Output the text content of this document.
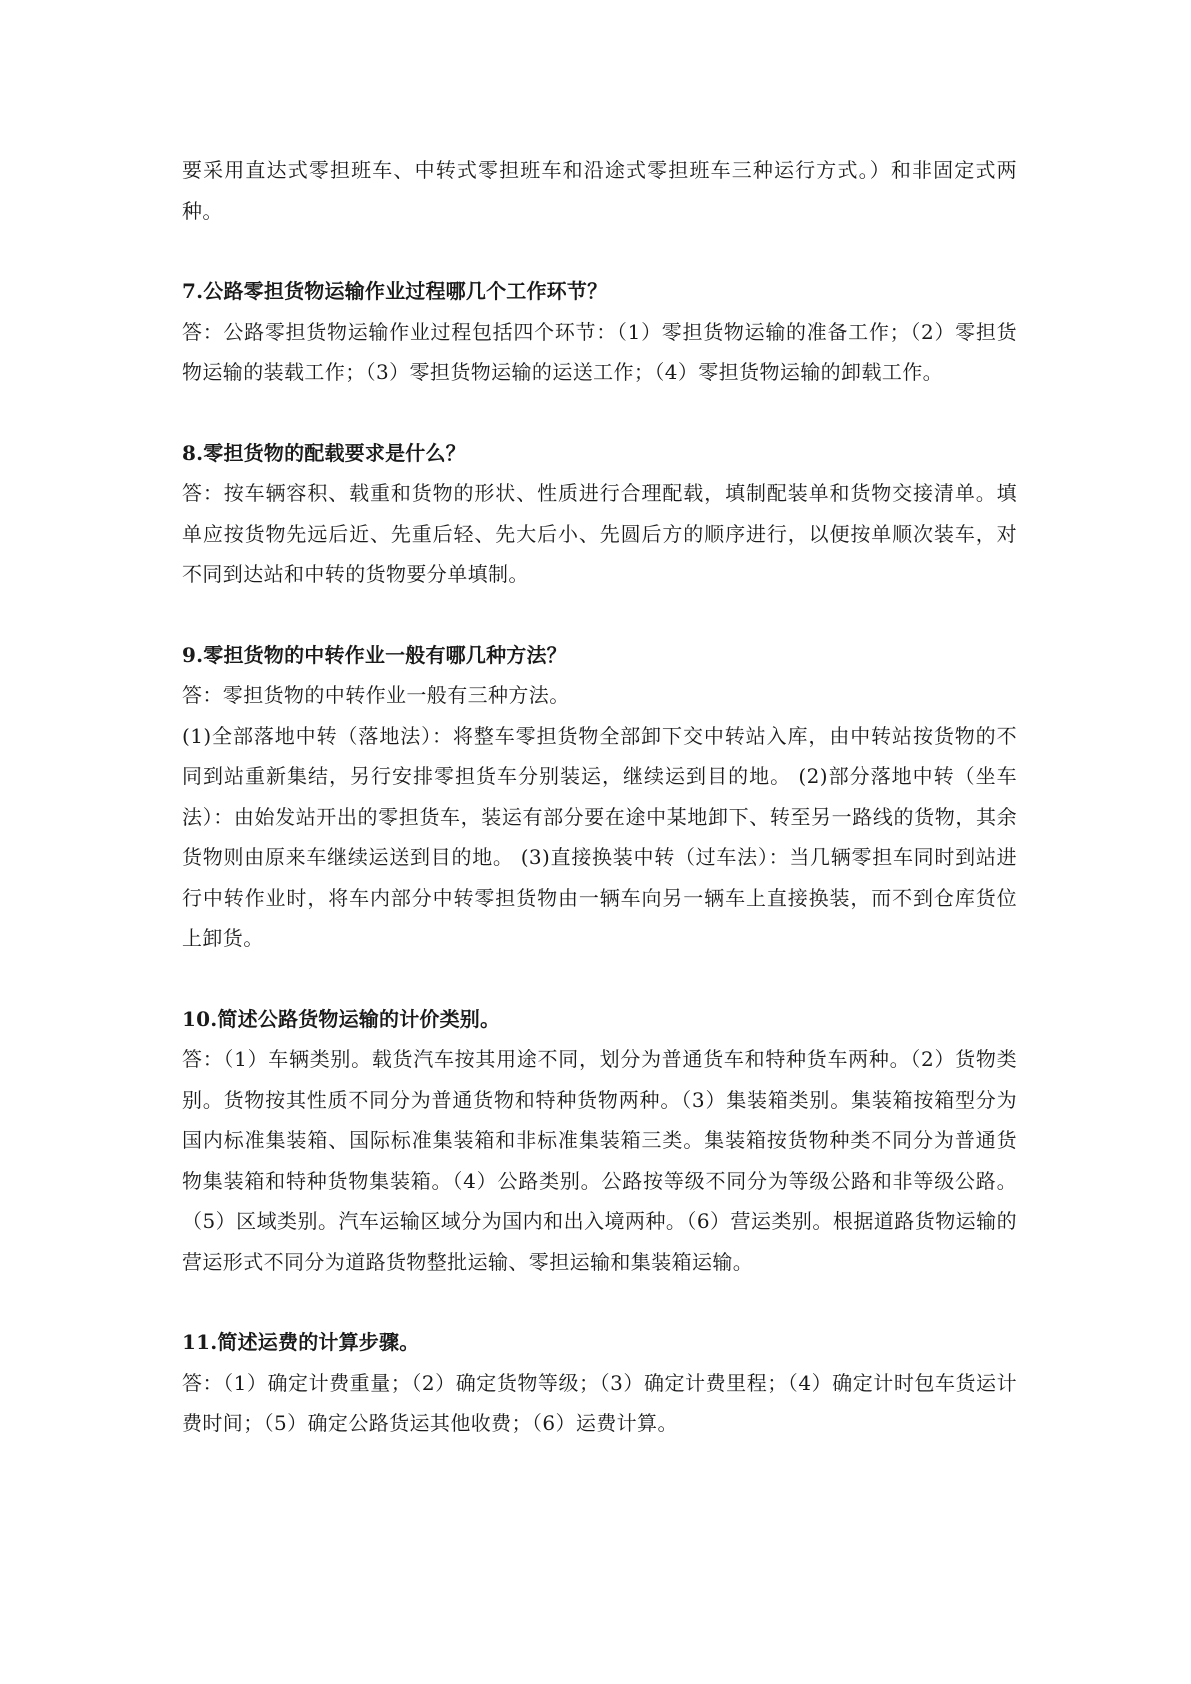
要采用直达式零担班车、中转式零担班车和沿途式零担班车三种运行方式。）和非固定式两种。

7.公路零担货物运输作业过程哪几个工作环节？

答：公路零担货物运输作业过程包括四个环节：（1）零担货物运输的准备工作；（2）零担货物运输的装载工作；（3）零担货物运输的运送工作；（4）零担货物运输的卸载工作。

8.零担货物的配载要求是什么？

答：按车辆容积、载重和货物的形状、性质进行合理配载，填制配装单和货物交接清单。填单应按货物先远后近、先重后轻、先大后小、先圆后方的顺序进行，以便按单顺次装车，对不同到达站和中转的货物要分单填制。

9.零担货物的中转作业一般有哪几种方法？

答：零担货物的中转作业一般有三种方法。

(1)全部落地中转（落地法）：将整车零担货物全部卸下交中转站入库，由中转站按货物的不同到站重新集结，另行安排零担货车分别装运，继续运到目的地。 (2)部分落地中转（坐车法）：由始发站开出的零担货车，装运有部分要在途中某地卸下、转至另一路线的货物，其余货物则由原来车继续运送到目的地。 (3)直接换装中转（过车法）：当几辆零担车同时到站进行中转作业时，将车内部分中转零担货物由一辆车向另一辆车上直接换装，而不到仓库货位上卸货。

10.简述公路货物运输的计价类别。

答：（1）车辆类别。载货汽车按其用途不同，划分为普通货车和特种货车两种。（2）货物类别。货物按其性质不同分为普通货物和特种货物两种。（3）集装箱类别。集装箱按箱型分为国内标准集装箱、国际标准集装箱和非标准集装箱三类。集装箱按货物种类不同分为普通货物集装箱和特种货物集装箱。（4）公路类别。公路按等级不同分为等级公路和非等级公路。（5）区域类别。汽车运输区域分为国内和出入境两种。（6）营运类别。根据道路货物运输的营运形式不同分为道路货物整批运输、零担运输和集装箱运输。

11.简述运费的计算步骤。

答：（1）确定计费重量；（2）确定货物等级；（3）确定计费里程；（4）确定计时包车货运计费时间；（5）确定公路货运其他收费；（6）运费计算。
